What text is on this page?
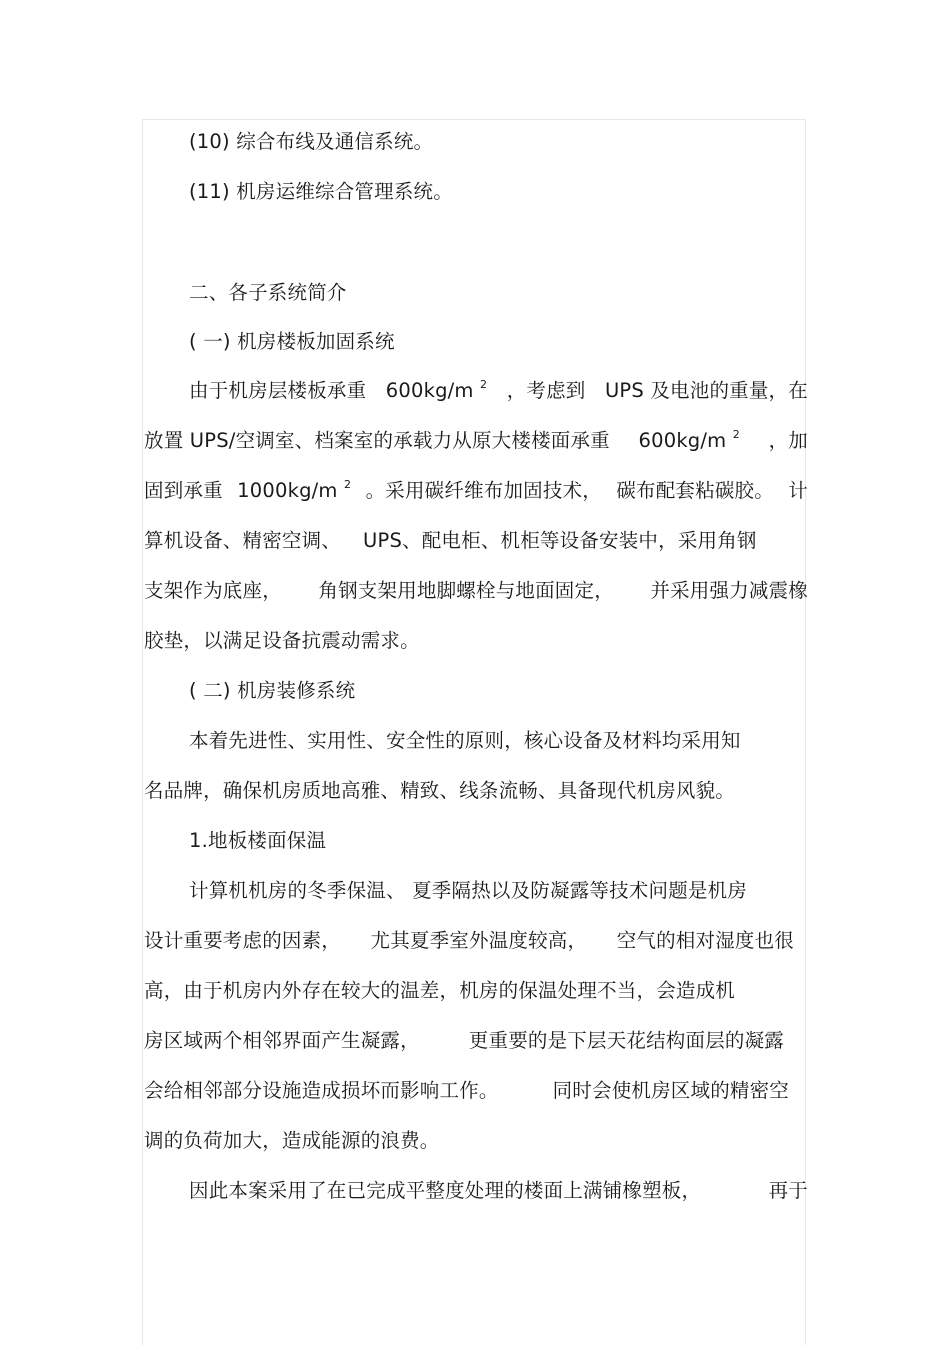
(10) 综合布线及通信系统。
(11) 机房运维综合管理系统。
二、各子系统简介
( 一) 机房楼板加固系统
由于机房层楼板承重 600kg/m $^2$ ，考虑到 UPS 及电池的重量，在
放置 UPS/空调室、档案室的承载力从原大楼楼面承重 600kg/m $^2$ ，加
固到承重 1000kg/m $^2$ 。采用碳纤维布加固技术， 碳布配套粘碳胶。 计
算机设备、精密空调、 UPS、配电柜、机柜等设备安装中，采用角钢
支架作为底座， 角钢支架用地脚螺栓与地面固定， 并采用强力减震橡
胶垫，以满足设备抗震动需求。
( 二) 机房装修系统
本着先进性、实用性、安全性的原则，核心设备及材料均采用知
名品牌，确保机房质地高雅、精致、线条流畅、具备现代机房风貌。
1.地板楼面保温
计算机机房的冬季保温、 夏季隔热以及防凝露等技术问题是机房
设计重要考虑的因素， 尤其夏季室外温度较高， 空气的相对湿度也很
高，由于机房内外存在较大的温差，机房的保温处理不当，会造成机
房区域两个相邻界面产生凝露，	更重要的是下层天花结构面层的凝露
会给相邻部分设施造成损坏而影响工作。	同时会使机房区域的精密空
调的负荷加大，造成能源的浪费。
因此本案采用了在已完成平整度处理的楼面上满铺橡塑板，	再于
